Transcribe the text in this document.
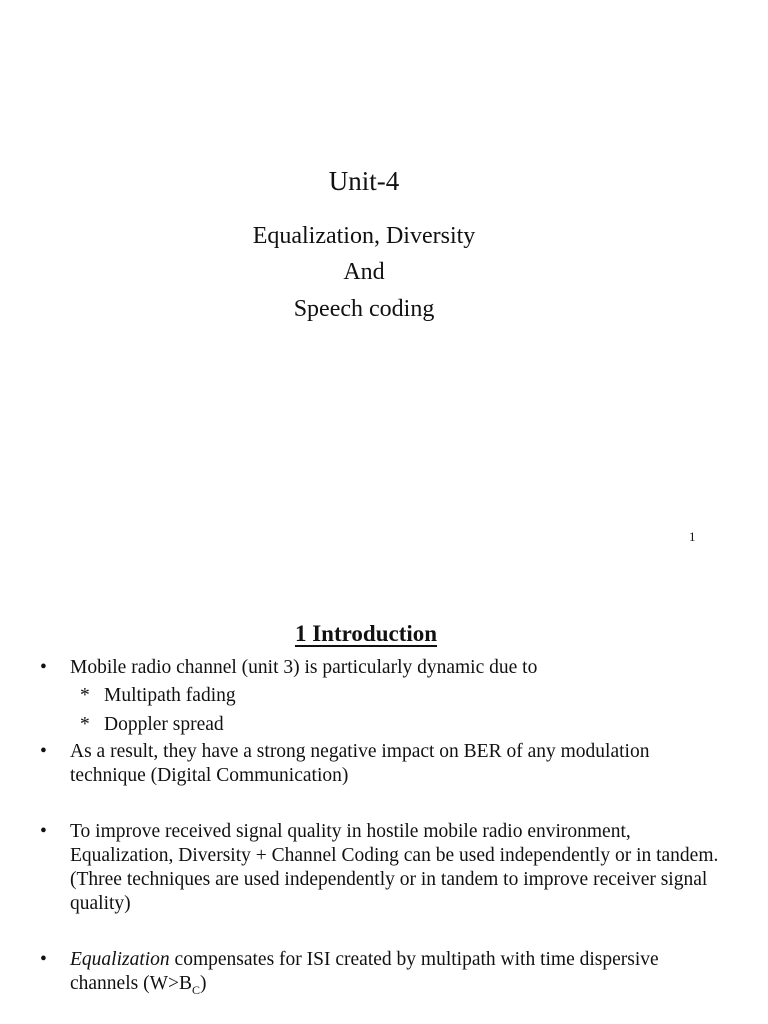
Unit-4
Equalization, Diversity
And
Speech coding
1
1 Introduction
•	Mobile radio channel (unit 3) is particularly dynamic due to
* Multipath fading
* Doppler spread
•	As a result, they have a strong negative impact on BER of any modulation technique (Digital Communication)
•	To improve received signal quality in hostile mobile radio environment, Equalization, Diversity + Channel Coding can be used independently or in tandem. (Three techniques are used independently or in tandem to improve receiver signal quality)
•	Equalization compensates for ISI created by multipath with time dispersive channels $(W>B_C)$
